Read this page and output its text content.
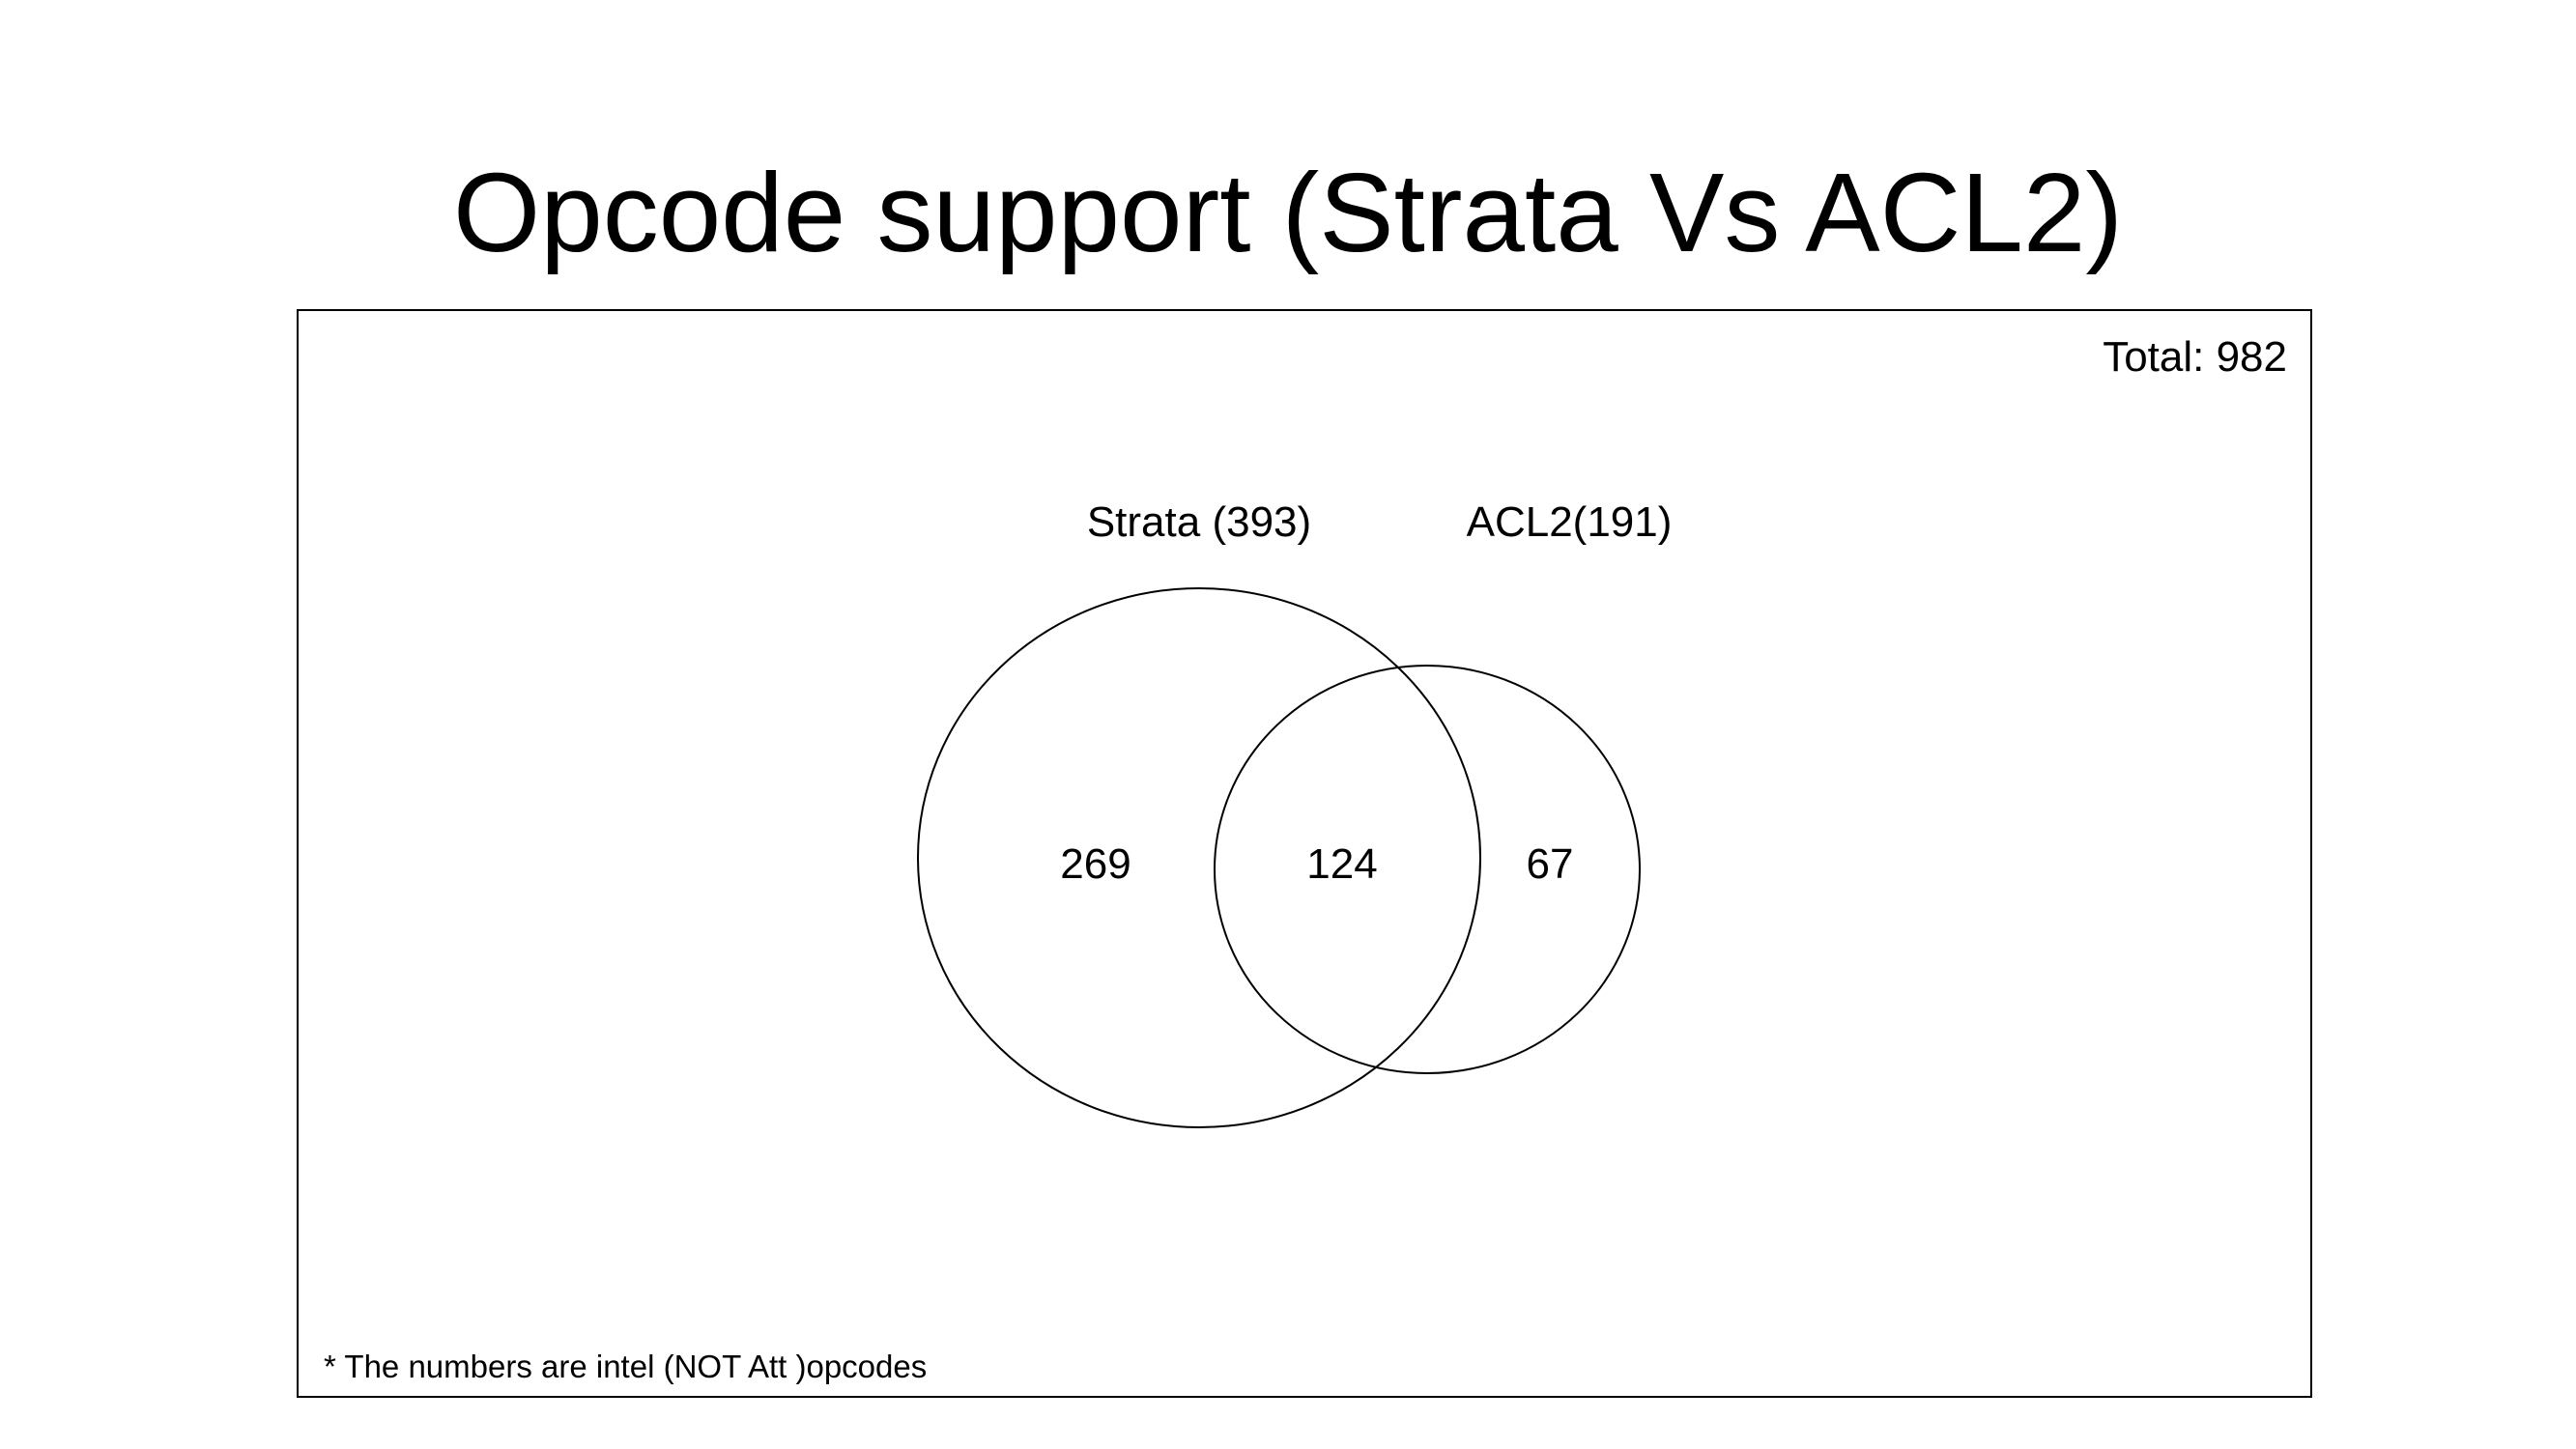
Opcode support (Strata Vs ACL2)
Total: 982
Strata (393)	ACL2(191)
269	124	67
* The numbers are intel (NOT Att )opcodes
